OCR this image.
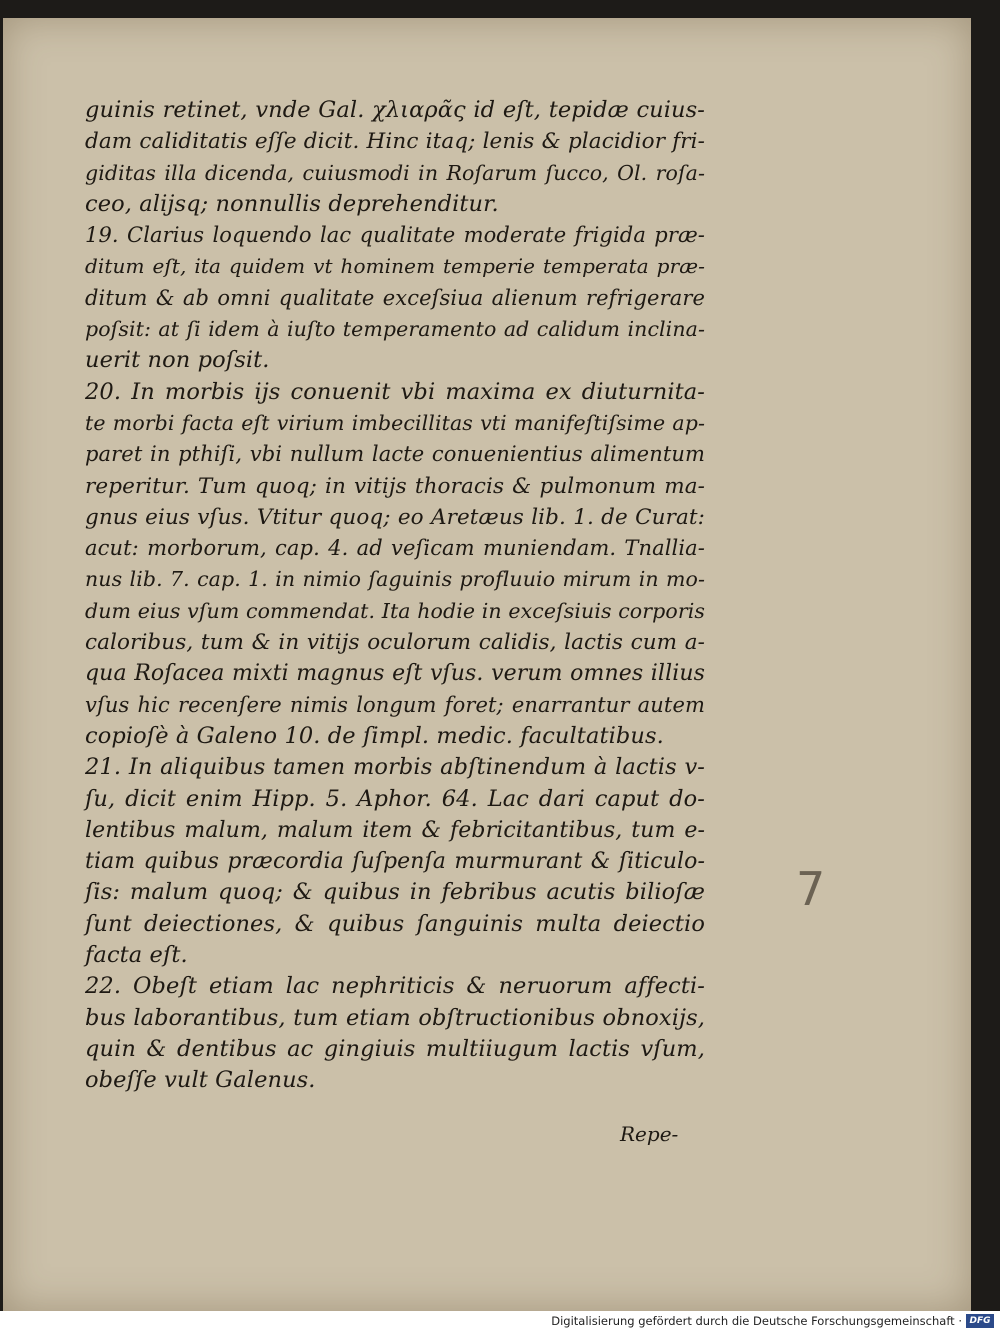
guinis retinet, vnde Gal. χλιαρᾶς id eſt, tepidæ cuius-
dam caliditatis eſſe dicit. Hinc itaq; lenis & placidior fri-
giditas illa dicenda, cuiusmodi in Roſarum ſucco, Ol. roſa-
ceo, alijsq; nonnullis deprehenditur.
19. Clarius loquendo lac qualitate moderate frigida præ-
ditum eſt, ita quidem vt hominem temperie temperata præ-
ditum & ab omni qualitate exceſsiua alienum refrigerare
poſsit: at ſi idem à iuſto temperamento ad calidum inclina-
uerit non poſsit.
20. In morbis ijs conuenit vbi maxima ex diuturnita-
te morbi facta eſt virium imbecillitas vti manifeſtiſsime ap-
paret in pthiſi, vbi nullum lacte conuenientius alimentum
reperitur. Tum quoq; in vitijs thoracis & pulmonum ma-
gnus eius vſus. Vtitur quoq; eo Aretæus lib. 1. de Curat:
acut: morborum, cap. 4. ad veſicam muniendam. Tnallia-
nus lib. 7. cap. 1. in nimio ſaguinis profluuio mirum in mo-
dum eius vſum commendat. Ita hodie in exceſsiuis corporis
caloribus, tum & in vitijs oculorum calidis, lactis cum a-
qua Roſacea mixti magnus eſt vſus. verum omnes illius
vſus hic recenſere nimis longum foret; enarrantur autem
copioſè à Galeno 10. de ſimpl. medic. facultatibus.
21. In aliquibus tamen morbis abſtinendum à lactis v-
ſu, dicit enim Hipp. 5. Aphor. 64. Lac dari caput do-
lentibus malum, malum item & febricitantibus, tum e-
tiam quibus præcordia ſuſpenſa murmurant & ſiticulo-
ſis: malum quoq; & quibus in febribus acutis bilioſæ
ſunt deiectiones, & quibus ſanguinis multa deiectio
facta eſt.
22. Obeſt etiam lac nephriticis & neruorum affecti-
bus laborantibus, tum etiam obſtructionibus obnoxijs,
quin & dentibus ac gingiuis multiiugum lactis vſum,
obeſſe vult Galenus.
7
Repe-
Digitalisierung gefördert durch die Deutsche Forschungsgemeinschaft · DFG
